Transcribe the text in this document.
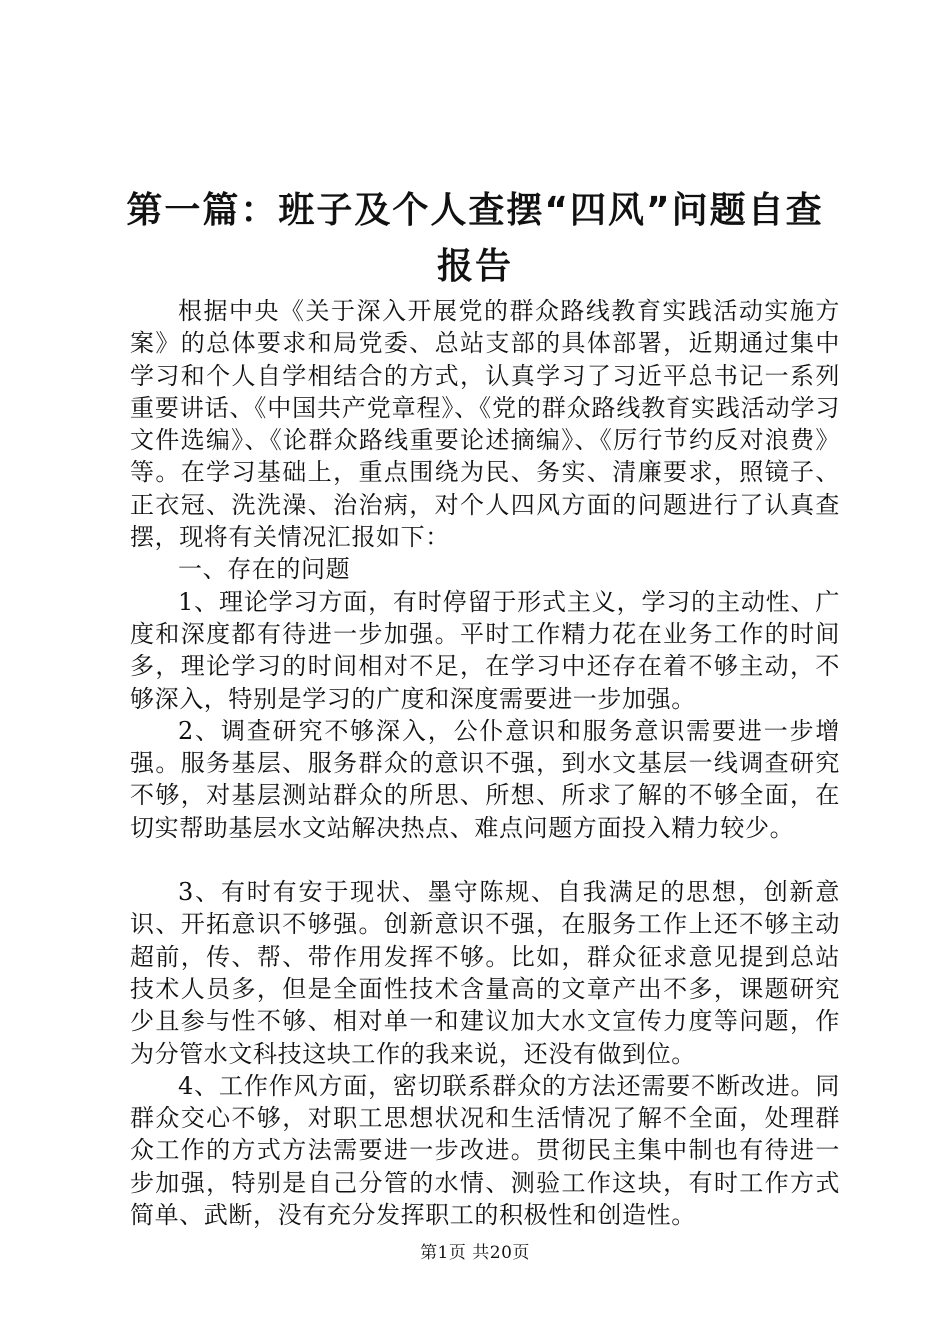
第一篇：班子及个人查摆“四风”问题自查报告

根据中央《关于深入开展党的群众路线教育实践活动实施方案》的总体要求和局党委、总站支部的具体部署，近期通过集中学习和个人自学相结合的方式，认真学习了习近平总书记一系列重要讲话、《中国共产党章程》、《党的群众路线教育实践活动学习文件选编》、《论群众路线重要论述摘编》、《厉行节约反对浪费》等。在学习基础上，重点围绕为民、务实、清廉要求，照镜子、正衣冠、洗洗澡、治治病，对个人四风方面的问题进行了认真查摆，现将有关情况汇报如下：

一、存在的问题

1、理论学习方面，有时停留于形式主义，学习的主动性、广度和深度都有待进一步加强。平时工作精力花在业务工作的时间多，理论学习的时间相对不足，在学习中还存在着不够主动，不够深入，特别是学习的广度和深度需要进一步加强。

2、调查研究不够深入，公仆意识和服务意识需要进一步增强。服务基层、服务群众的意识不强，到水文基层一线调查研究不够，对基层测站群众的所思、所想、所求了解的不够全面，在切实帮助基层水文站解决热点、难点问题方面投入精力较少。

3、有时有安于现状、墨守陈规、自我满足的思想，创新意识、开拓意识不够强。创新意识不强，在服务工作上还不够主动超前，传、帮、带作用发挥不够。比如，群众征求意见提到总站技术人员多，但是全面性技术含量高的文章产出不多，课题研究少且参与性不够、相对单一和建议加大水文宣传力度等问题，作为分管水文科技这块工作的我来说，还没有做到位。

4、工作作风方面，密切联系群众的方法还需要不断改进。同群众交心不够，对职工思想状况和生活情况了解不全面，处理群众工作的方式方法需要进一步改进。贯彻民主集中制也有待进一步加强，特别是自己分管的水情、测验工作这块，有时工作方式简单、武断，没有充分发挥职工的积极性和创造性。

第1页 共20页
